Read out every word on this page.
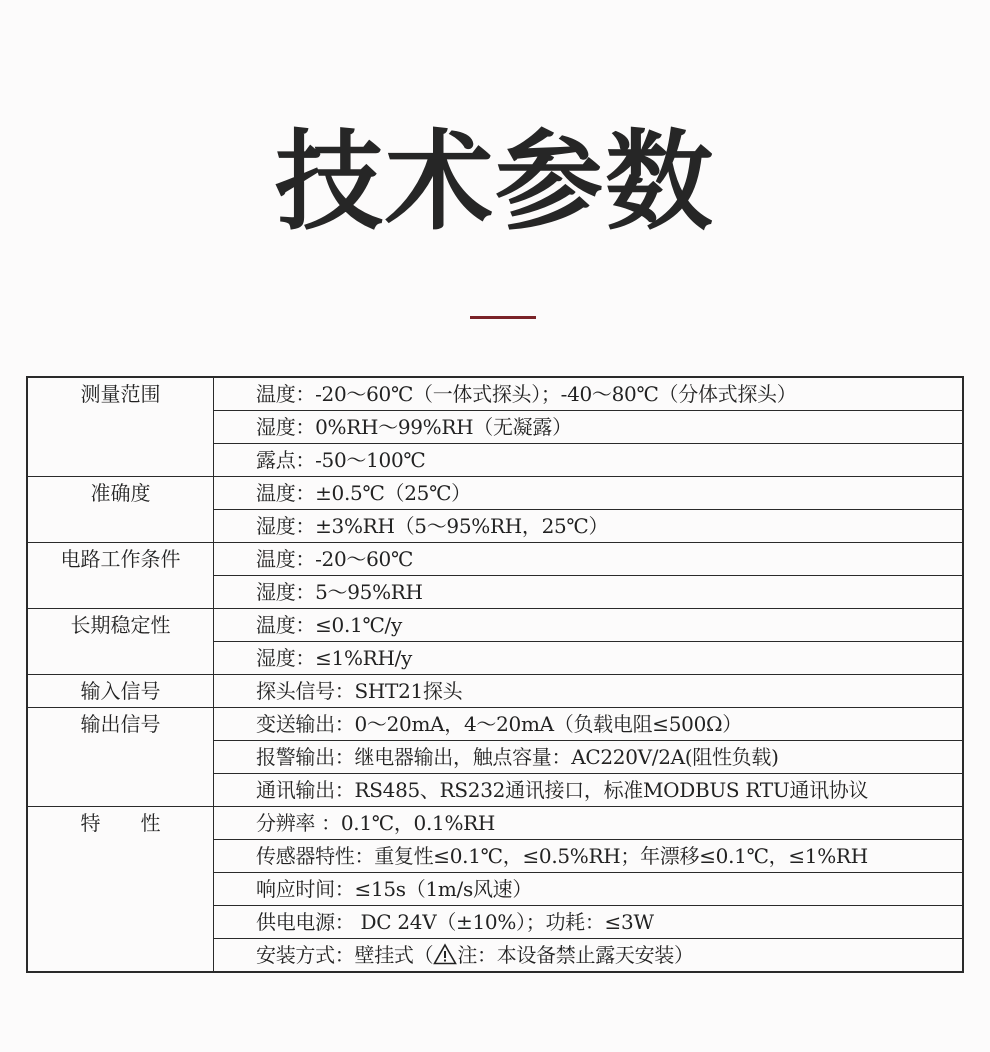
技术参数
测量范围	温度：-20～60℃（一体式探头）；-40～80℃（分体式探头）
	湿度：0%RH～99%RH（无凝露）
	露点：-50～100℃
准确度	温度：±0.5℃（25℃）
	湿度：±3%RH（5～95%RH，25℃）
电路工作条件	温度：-20～60℃
	湿度：5～95%RH
长期稳定性	温度：≤0.1℃/y
	湿度：≤1%RH/y
输入信号	探头信号：SHT21探头
输出信号	变送输出：0～20mA，4～20mA（负载电阻≤500Ω）
	报警输出：继电器输出，触点容量：AC220V/2A(阻性负载)
	通讯输出：RS485、RS232通讯接口，标准MODBUS RTU通讯协议
特　　性	分辨率 ：0.1℃，0.1%RH
	传感器特性：重复性≤0.1℃，≤0.5%RH；年漂移≤0.1℃，≤1%RH
	响应时间：≤15s（1m/s风速）
	供电电源： DC 24V（±10%）；功耗：≤3W
	安装方式：壁挂式（ 注：本设备禁止露天安装）
